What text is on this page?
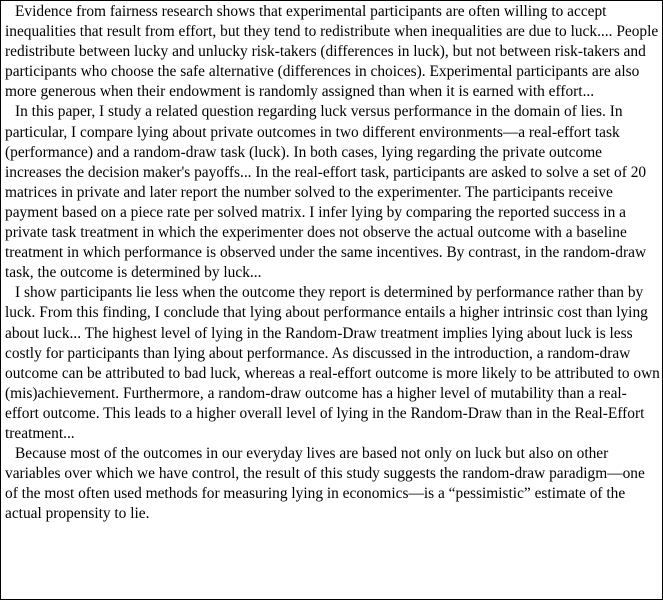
Evidence from fairness research shows that experimental participants are often willing to accept inequalities that result from effort, but they tend to redistribute when inequalities are due to luck.... People redistribute between lucky and unlucky risk-takers (differences in luck), but not between risk-takers and participants who choose the safe alternative (differences in choices). Experimental participants are also more generous when their endowment is randomly assigned than when it is earned with effort...

In this paper, I study a related question regarding luck versus performance in the domain of lies. In particular, I compare lying about private outcomes in two different environments—a real-effort task (performance) and a random-draw task (luck). In both cases, lying regarding the private outcome increases the decision maker's payoffs... In the real-effort task, participants are asked to solve a set of 20 matrices in private and later report the number solved to the experimenter. The participants receive payment based on a piece rate per solved matrix. I infer lying by comparing the reported success in a private task treatment in which the experimenter does not observe the actual outcome with a baseline treatment in which performance is observed under the same incentives. By contrast, in the random-draw task, the outcome is determined by luck...

I show participants lie less when the outcome they report is determined by performance rather than by luck. From this finding, I conclude that lying about performance entails a higher intrinsic cost than lying about luck... The highest level of lying in the Random-Draw treatment implies lying about luck is less costly for participants than lying about performance. As discussed in the introduction, a random-draw outcome can be attributed to bad luck, whereas a real-effort outcome is more likely to be attributed to own (mis)achievement. Furthermore, a random-draw outcome has a higher level of mutability than a real-effort outcome. This leads to a higher overall level of lying in the Random-Draw than in the Real-Effort treatment...

Because most of the outcomes in our everyday lives are based not only on luck but also on other variables over which we have control, the result of this study suggests the random-draw paradigm—one of the most often used methods for measuring lying in economics—is a “pessimistic” estimate of the actual propensity to lie.
